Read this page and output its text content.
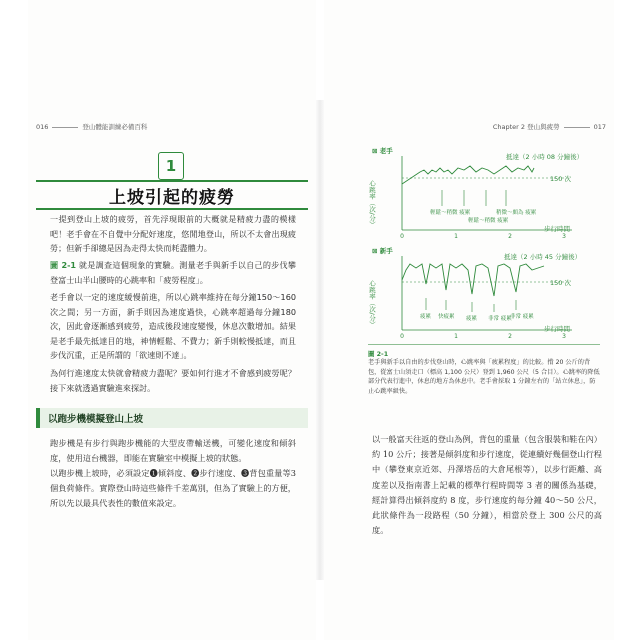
016	登山體能訓練必備百科
1
上坡引起的疲勞

一提到登山上坡的疲勞，首先浮現眼前的大概就是精疲力盡的模樣吧！老手會在不自覺中分配好速度，悠閒地登山，所以不太會出現疲勞；但新手卻總是因為走得太快而耗盡體力。

圖 2-1 就是調查這個現象的實驗。測量老手與新手以自己的步伐攀登富士山半山腰時的心跳率和「疲勞程度」。

老手會以一定的速度緩慢前進，所以心跳率維持在每分鐘150～160次之間；另一方面，新手則因為速度過快，心跳率超過每分鐘180次，因此會逐漸感到疲勞，造成後段速度變慢，休息次數增加。結果是老手最先抵達目的地，神情輕鬆、不費力；新手則較慢抵達，而且步伐沉重，正是所謂的「欲速則不達」。

為何行進速度太快就會精疲力盡呢？要如何行進才不會感到疲勞呢？接下來就透過實驗進來探討。

以跑步機模擬登山上坡

跑步機是有步行與跑步機能的大型皮帶輸送機，可變化速度和傾斜度，使用這台機器，即能在實驗室中模擬上坡的狀態。

以跑步機上坡時，必須設定❶傾斜度、❷步行速度、❸背包重量等3個負荷條件。實際登山時這些條件千差萬別，但為了實驗上的方便，所以先以最具代表性的數值來設定。

Chapter 2 登山與疲勞	017
⊠ 老手
0	1	2	3
抵達（2 小時 08 分鐘後）
150 次
步行時間
心跳率（次/分）	輕鬆～稍微 疲累
輕鬆～稍微 疲累
稍微～頗為 疲累
⊠ 新手
0	1	2	3
抵達（2 小時 45 分鐘後）
150 次
步行時間
心跳率（次/分）	疲累 快疲累 疲累 非常 疲累
非常 疲累
圖 2-1

老手與新手以自由的步伐登山時，心跳率與「疲累程度」的比較。揹 20 公斤的背包，從富士山須走口（標高 1,100 公尺）登到 1,960 公尺（5 合目）。心跳率的降低部分代表行進中，休息的地方為休息中。老手會採取 1 分鐘左右的「站立休息」，防止心跳率級快。

以一般富天往返的登山為例，背包的重量（包含服裝和鞋在內）約 10 公斤；接著是傾斜度和步行速度，從連續好幾個登山行程中（攀登東京近郊、丹澤塔岳的大倉尾根等），以步行距離、高度差以及指南書上記載的標準行程時間等 3 者的關係為基礎，經計算得出傾斜度約 8 度，步行速度約每分鐘 40～50 公尺，此狀條件為一段路程（50 分鐘），相當於登上 300 公尺的高度。
